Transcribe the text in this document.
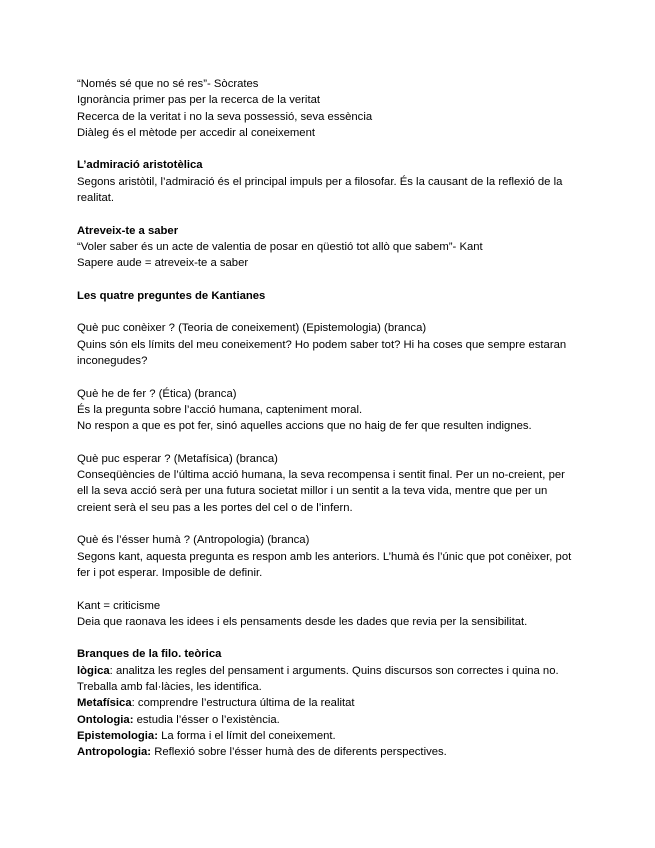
“Només sé que no sé res”- Sòcrates

Ignorància primer pas per la recerca de la veritat

Recerca de la veritat i no la seva possessió, seva essència

Diàleg és el mètode per accedir al coneixement

L’admiració aristotèlica

Segons aristòtil, l’admiració és el principal impuls per a filosofar. És la causant de la reflexió de la realitat.

Atreveix-te a saber

“Voler saber és un acte de valentia de posar en qüestió tot allò que sabem”- Kant

Sapere aude = atreveix-te a saber

Les quatre preguntes de Kantianes

Què puc conèixer ? (Teoria de coneixement) (Epistemologia) (branca)

Quins són els límits del meu coneixement? Ho podem saber tot? Hi ha coses que sempre estaran inconegudes?

Què he de fer ? (Ética) (branca)

És la pregunta sobre l’acció humana, capteniment moral.

No respon a que es pot fer, sinó aquelles accions que no haig de fer que resulten indignes.

Què puc esperar ? (Metafísica) (branca)

Conseqüències de l’última acció humana, la seva recompensa i sentit final. Per un no-creient, per ell la seva acció serà per una futura societat millor i un sentit a la teva vida, mentre que per un creient serà el seu pas a les portes del cel o de l’infern.

Què és l’ésser humà ? (Antropologia) (branca)

Segons kant, aquesta pregunta es respon amb les anteriors. L’humà és l’únic que pot conèixer, pot fer i pot esperar. Imposible de definir.

Kant = criticisme

Deia que raonava les idees i els pensaments desde les dades que revia per la sensibilitat.

Branques de la filo. teòrica

lògica: analitza les regles del pensament i arguments. Quins discursos son correctes i quina no. Treballa amb fal·làcies, les identifica.

Metafísica: comprendre l’estructura última de la realitat

Ontologia: estudia l’ésser o l’existència.

Epistemologia: La forma i el límit del coneixement.

Antropologia: Reflexió sobre l’ésser humà des de diferents perspectives.
